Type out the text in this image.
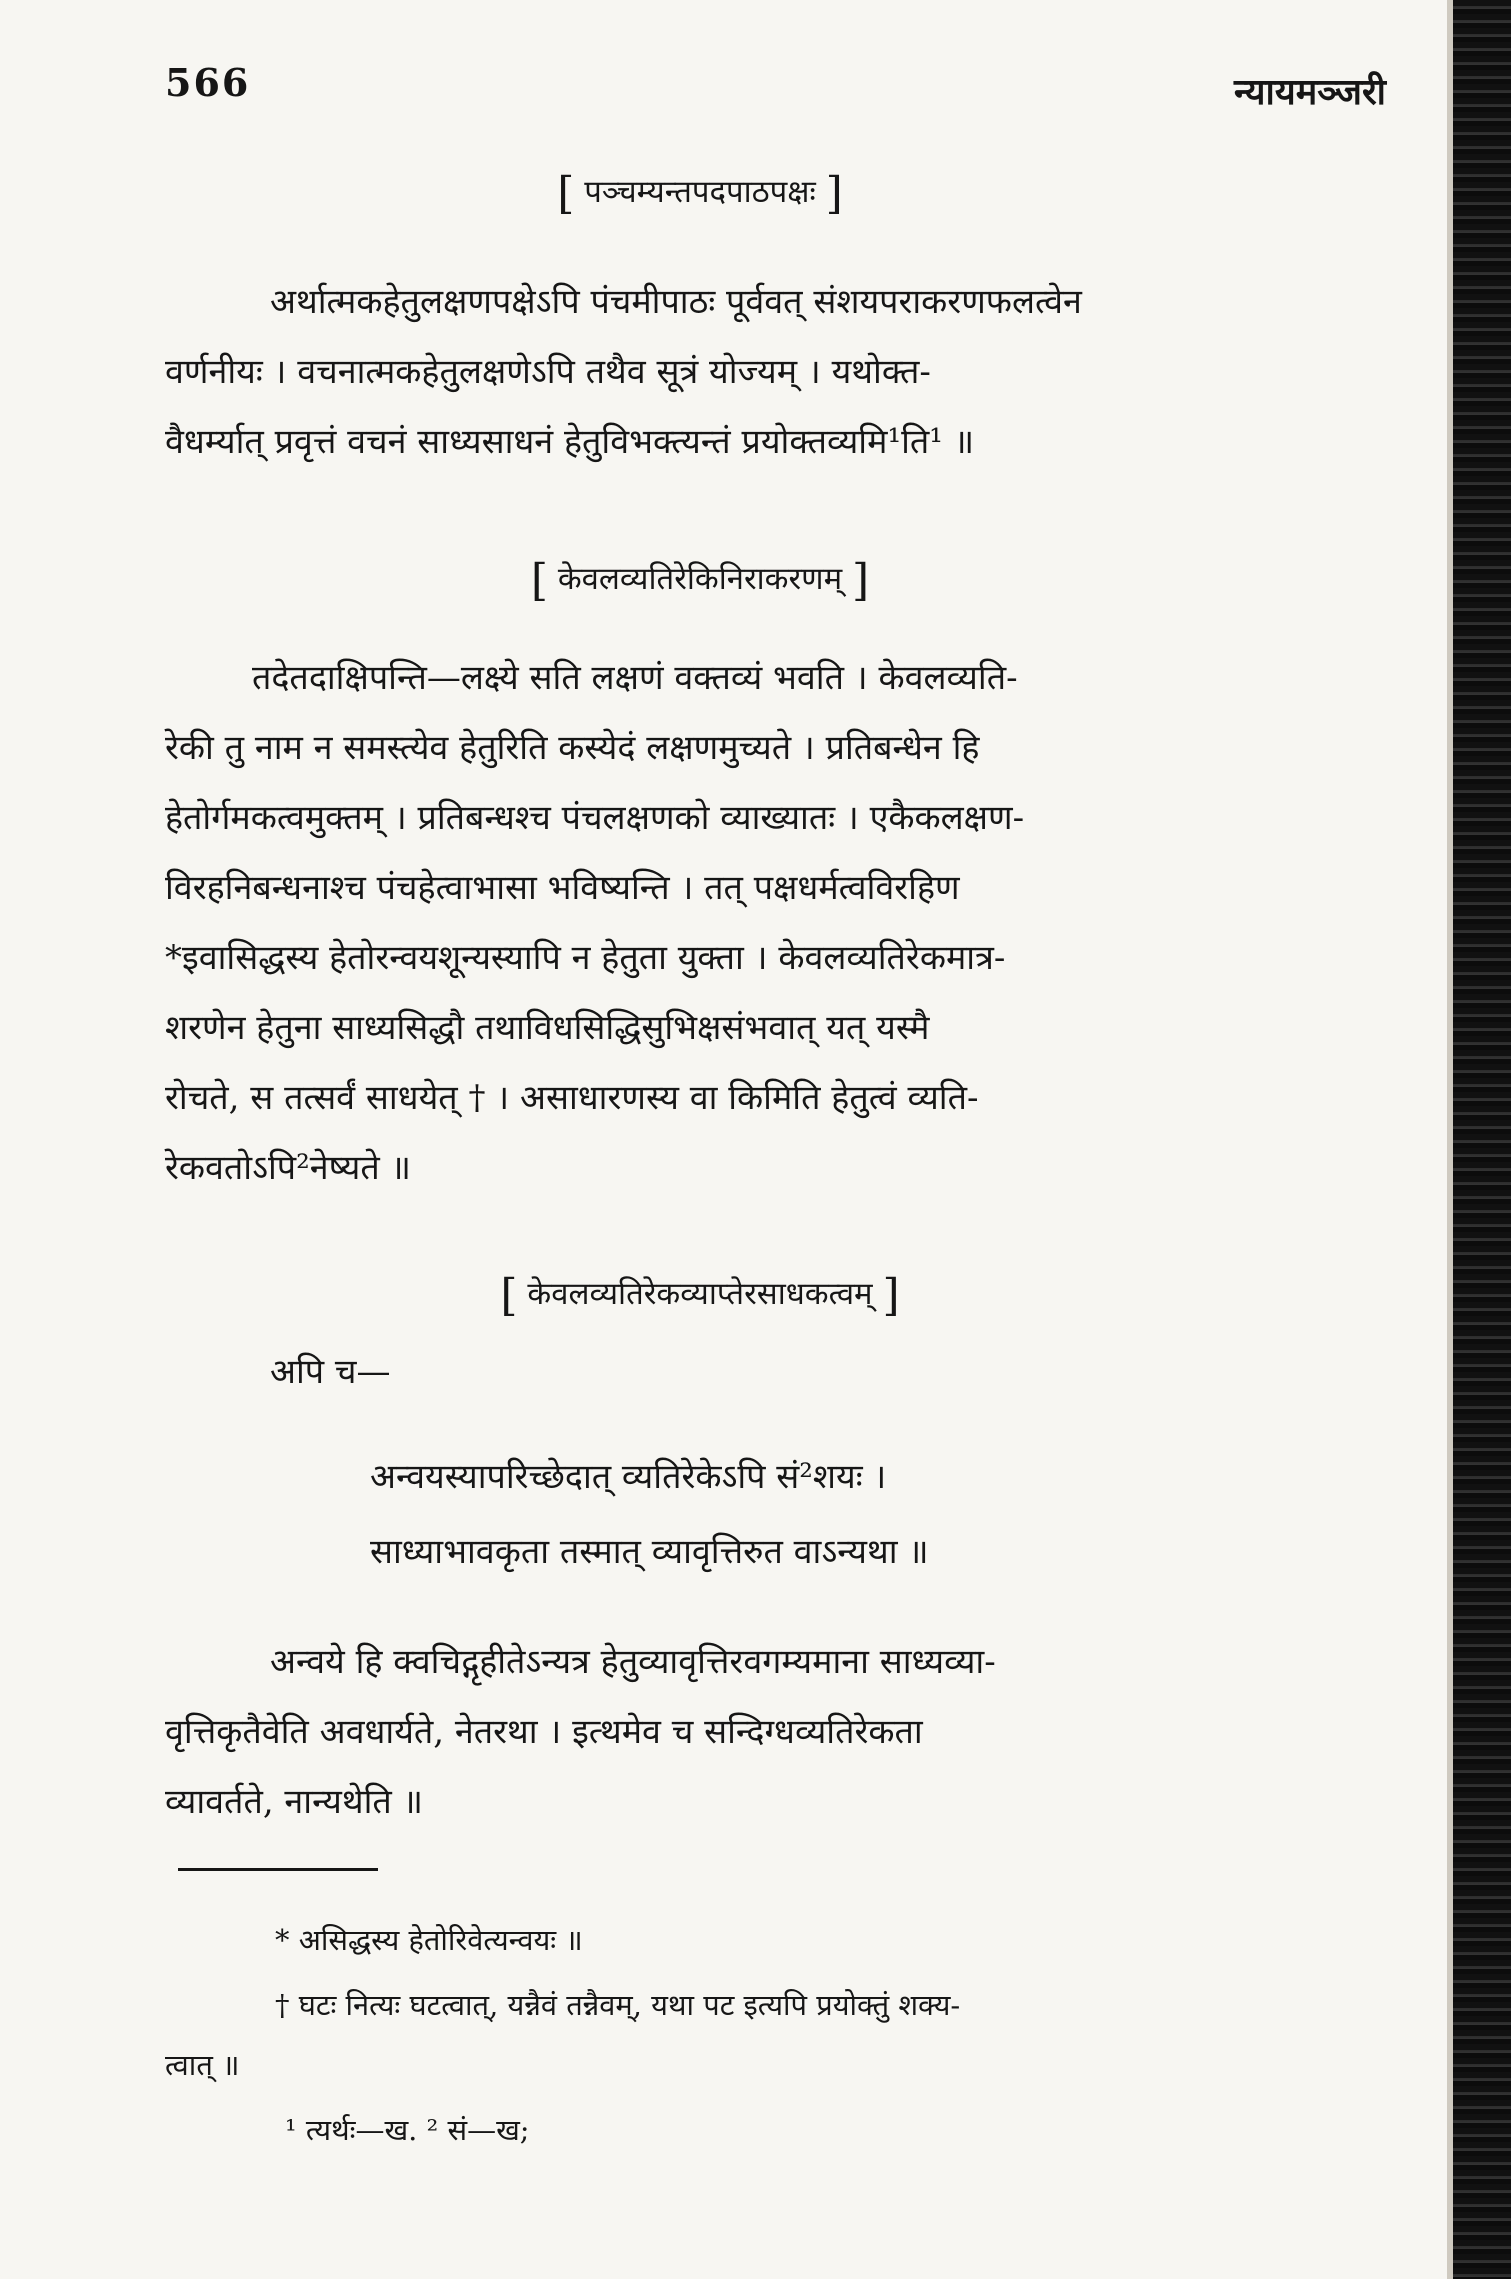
566	न्यायमञ्जरी
[ पञ्चम्यन्तपदपाठपक्षः ]
अर्थात्मकहेतुलक्षणपक्षेऽपि पंचमीपाठः पूर्ववत् संशयपराकरणफलत्वेन
वर्णनीयः । वचनात्मकहेतुलक्षणेऽपि तथैव सूत्रं योज्यम् । यथोक्त-
वैधर्म्यात् प्रवृत्तं वचनं साध्यसाधनं हेतुविभक्त्यन्तं प्रयोक्तव्यमि¹ति¹ ॥
[ केवलव्यतिरेकिनिराकरणम् ]
तदेतदाक्षिपन्ति—लक्ष्ये सति लक्षणं वक्तव्यं भवति । केवलव्यति-
रेकी तु नाम न समस्त्येव हेतुरिति कस्येदं लक्षणमुच्यते । प्रतिबन्धेन हि
हेतोर्गमकत्वमुक्तम् । प्रतिबन्धश्च पंचलक्षणको व्याख्यातः । एकैकलक्षण-
विरहनिबन्धनाश्च पंचहेत्वाभासा भविष्यन्ति । तत् पक्षधर्मत्वविरहिण
*इवासिद्धस्य हेतोरन्वयशून्यस्यापि न हेतुता युक्ता । केवलव्यतिरेकमात्र-
शरणेन हेतुना साध्यसिद्धौ तथाविधसिद्धिसुभिक्षसंभवात् यत् यस्मै
रोचते, स तत्सर्वं साधयेत् † । असाधारणस्य वा किमिति हेतुत्वं व्यति-
रेकवतोऽपि²नेष्यते ॥
[ केवलव्यतिरेकव्याप्तेरसाधकत्वम् ]
अपि च—
अन्वयस्यापरिच्छेदात् व्यतिरेकेऽपि सं²शयः ।
साध्याभावकृता तस्मात् व्यावृत्तिरुत वाऽन्यथा ॥
अन्वये हि क्वचिद्गृहीतेऽन्यत्र हेतुव्यावृत्तिरवगम्यमाना साध्यव्या-
वृत्तिकृतैवेति अवधार्यते, नेतरथा । इत्थमेव च सन्दिग्धव्यतिरेकता
व्यावर्तते, नान्यथेति ॥
* असिद्धस्य हेतोरिवेत्यन्वयः ॥
† घटः नित्यः घटत्वात्, यन्नैवं तन्नैवम्, यथा पट इत्यपि प्रयोक्तुं शक्य-
त्वात् ॥
¹ त्यर्थः—ख. ² सं—ख;
